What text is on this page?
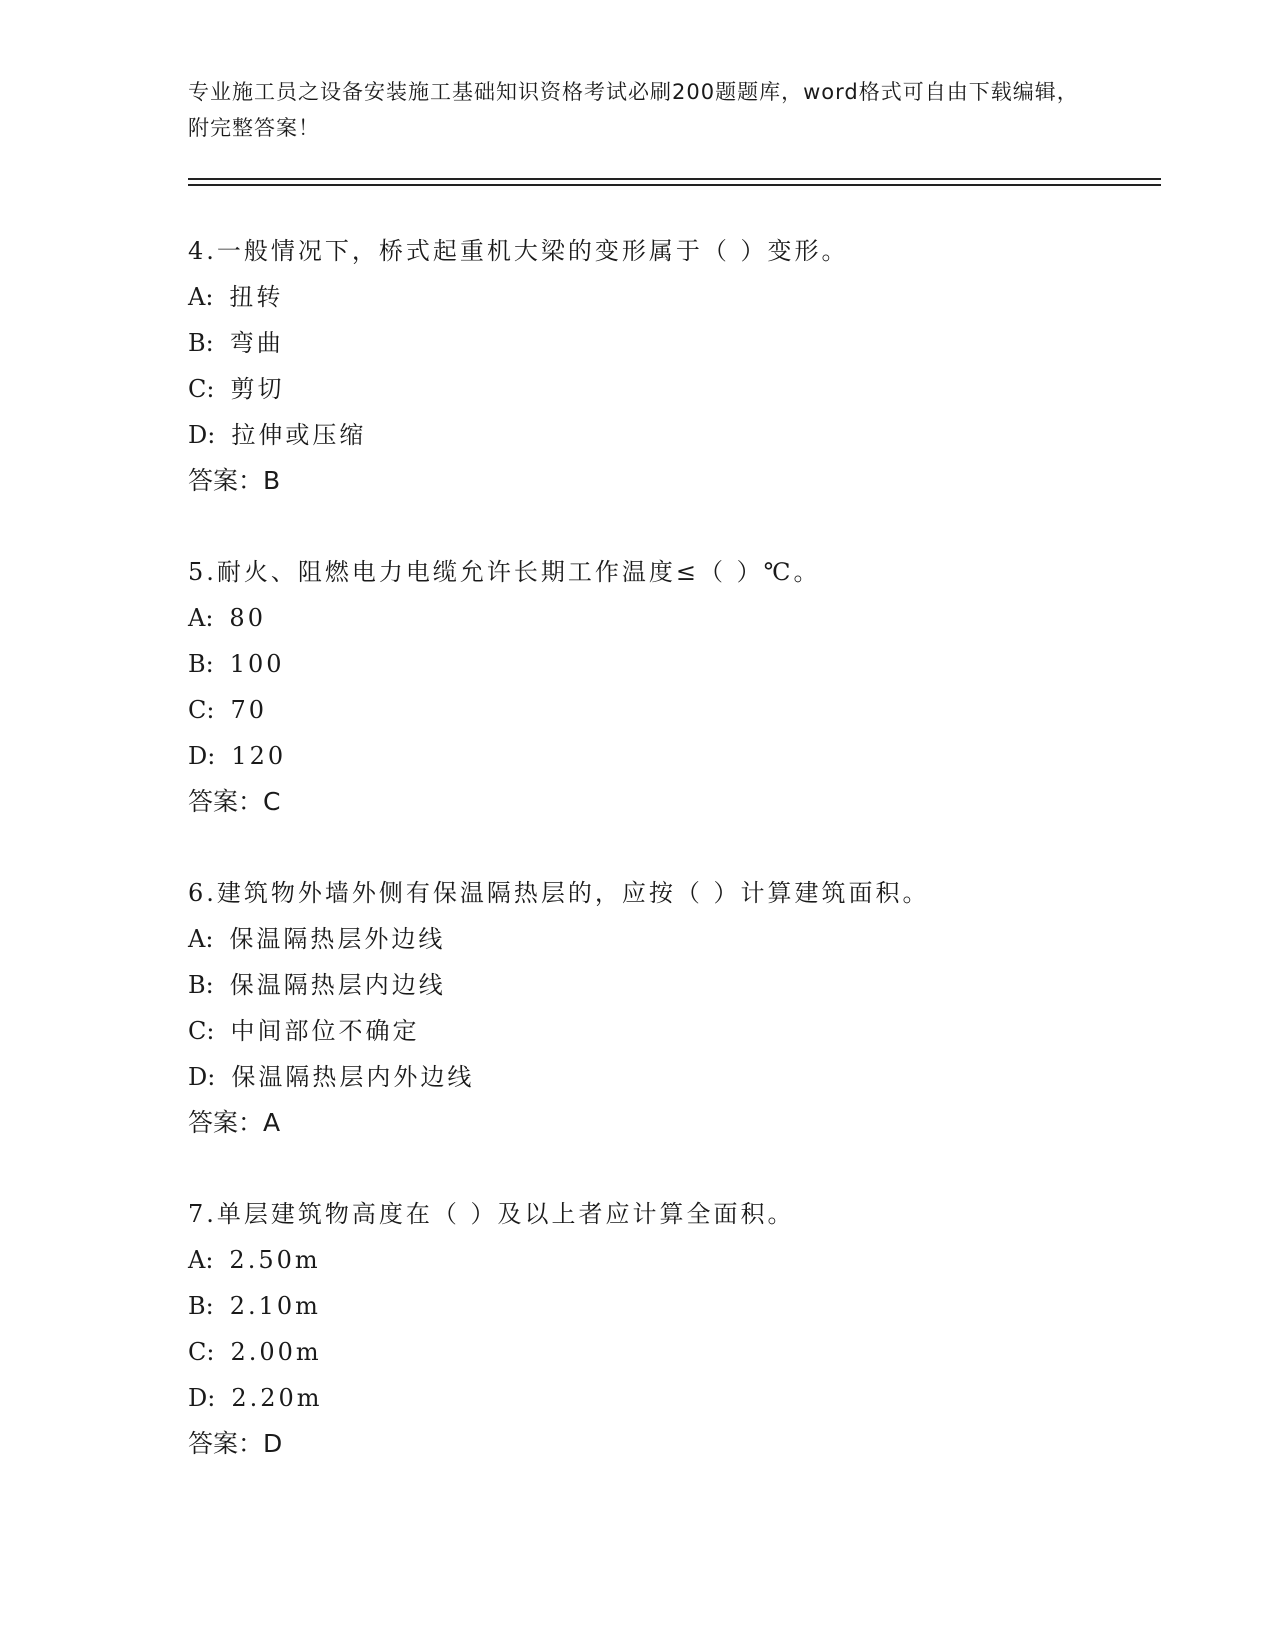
专业施工员之设备安装施工基础知识资格考试必刷200题题库，word格式可自由下载编辑，附完整答案！
4.一般情况下，桥式起重机大梁的变形属于（ ）变形。
A: 扭转
B: 弯曲
C: 剪切
D: 拉伸或压缩
答案：B
5.耐火、阻燃电力电缆允许长期工作温度≤（ ）℃。
A: 80
B: 100
C: 70
D: 120
答案：C
6.建筑物外墙外侧有保温隔热层的，应按（ ）计算建筑面积。
A: 保温隔热层外边线
B: 保温隔热层内边线
C: 中间部位不确定
D: 保温隔热层内外边线
答案：A
7.单层建筑物高度在（ ）及以上者应计算全面积。
A: 2.50m
B: 2.10m
C: 2.00m
D: 2.20m
答案：D
